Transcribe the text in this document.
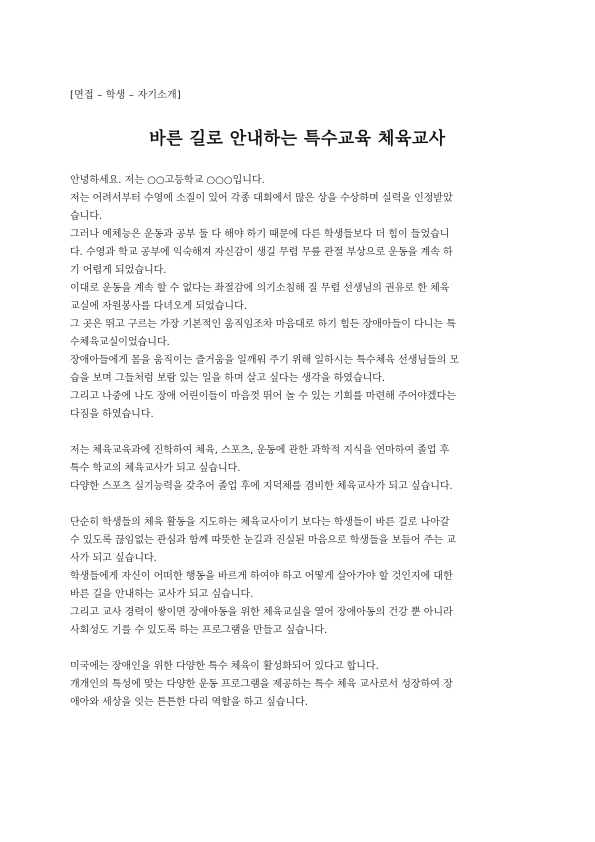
[면접 – 학생 – 자기소개]
바른 길로 안내하는 특수교육 체육교사
안녕하세요. 저는 ○○고등학교 ○○○입니다.
저는 어려서부터 수영에 소질이 있어 각종 대회에서 많은 상을 수상하며 실력을 인정받았
습니다.
그러나 예체능은 운동과 공부 둘 다 해야 하기 때문에 다른 학생들보다 더 힘이 들었습니
다. 수영과 학교 공부에 익숙해져 자신감이 생길 무렵 무릎 관절 부상으로 운동을 계속 하
기 어렵게 되었습니다.
이대로 운동을 계속 할 수 없다는 좌절감에 의기소침해 질 무렵 선생님의 권유로 한 체육
교실에 자원봉사를 다녀오게 되었습니다.
그 곳은 뛰고 구르는 가장 기본적인 움직임조차 마음대로 하기 힘든 장애아들이 다니는 특
수체육교실이었습니다.
장애아들에게 몸을 움직이는 즐거움을 일깨워 주기 위해 일하시는 특수체육 선생님들의 모
습을 보며 그들처럼 보람 있는 일을 하며 살고 싶다는 생각을 하였습니다.
그리고 나중에 나도 장애 어린이들이 마음껏 뛰어 놀 수 있는 기회를 마련해 주어야겠다는
다짐을 하였습니다.
저는 체육교육과에 진학하여 체육, 스포츠, 운동에 관한 과학적 지식을 연마하여 졸업 후
특수 학교의 체육교사가 되고 싶습니다.
다양한 스포츠 실기능력을 갖추어 졸업 후에 지덕체를 겸비한 체육교사가 되고 싶습니다.
단순히 학생들의 체육 활동을 지도하는 체육교사이기 보다는 학생들이 바른 길로 나아갈
수 있도록 끊임없는 관심과 함께 따뜻한 눈길과 진실된 마음으로 학생들을 보듬어 주는 교
사가 되고 싶습니다.
학생들에게 자신이 어떠한 행동을 바르게 하여야 하고 어떻게 살아가야 할 것인지에 대한
바른 길을 안내하는 교사가 되고 싶습니다.
그리고 교사 경력이 쌓이면 장애아동을 위한 체육교실을 열어 장애아동의 건강 뿐 아니라
사회성도 기를 수 있도록 하는 프로그램을 만들고 싶습니다.
미국에는 장애인을 위한 다양한 특수 체육이 활성화되어 있다고 합니다.
개개인의 특성에 맞는 다양한 운동 프로그램을 제공하는 특수 체육 교사로서 성장하여 장
애아와 세상을 잇는 튼튼한 다리 역할을 하고 싶습니다.
